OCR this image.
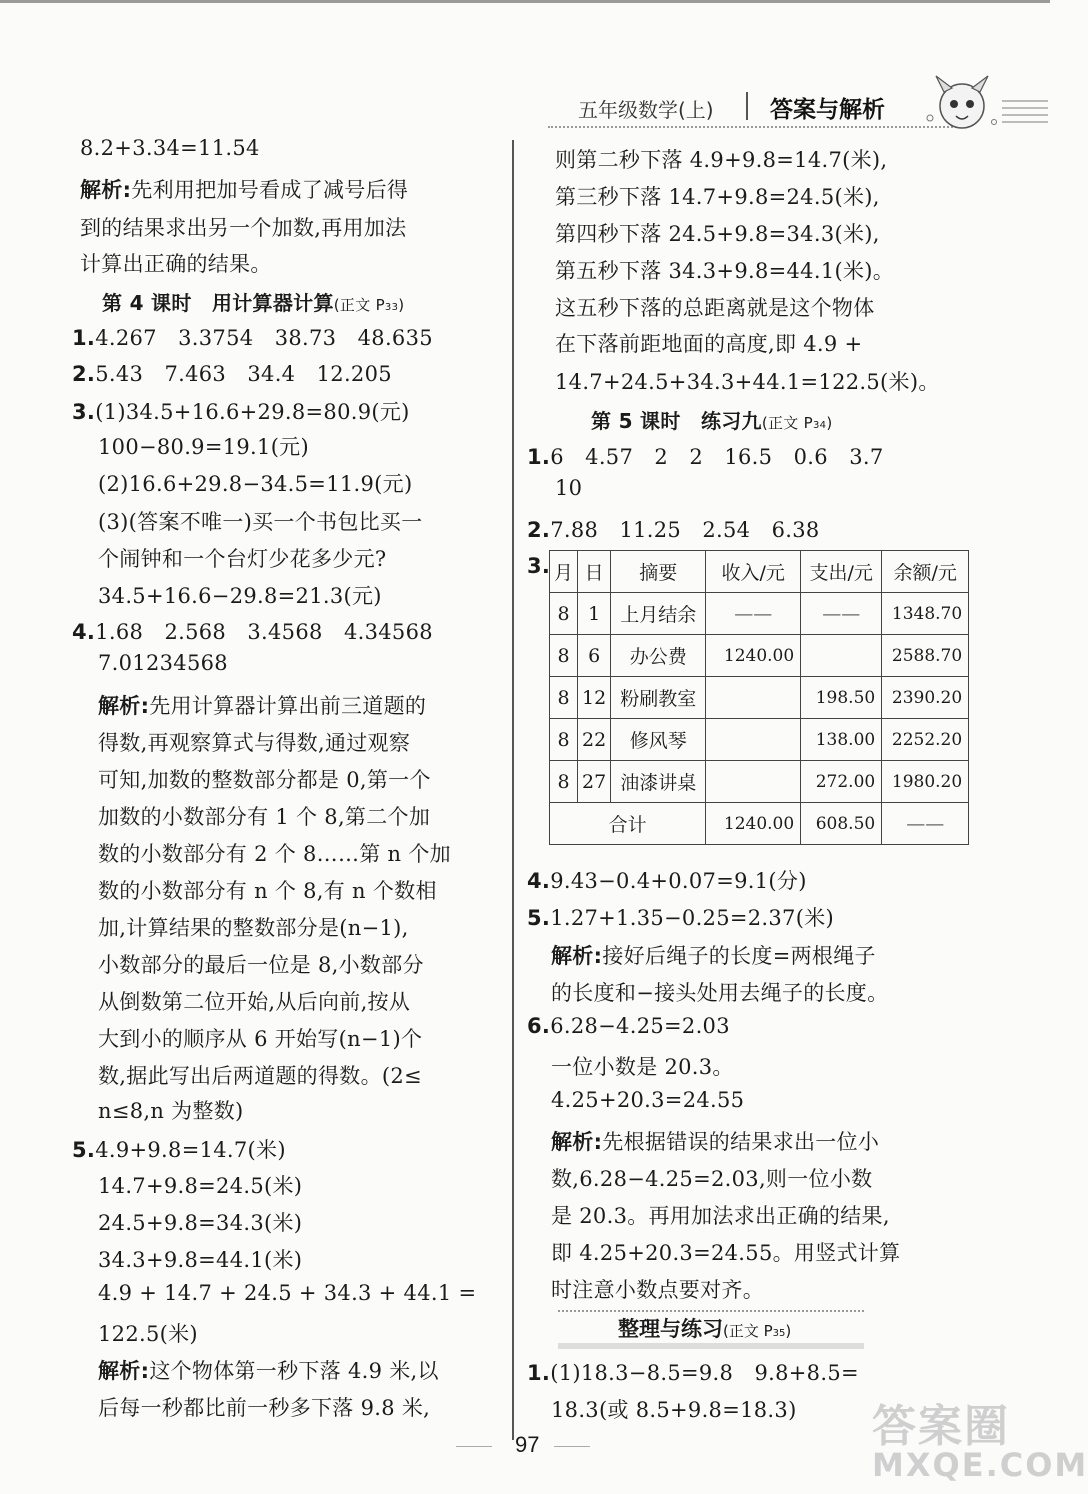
五年级数学(上) 答案与解析
8.2+3.34=11.54
解析:先利用把加号看成了减号后得
到的结果求出另一个加数,再用加法
计算出正确的结果。
第 4 课时　用计算器计算(正文 P33)
1.4.267　3.3754　38.73　48.635
2.5.43　7.463　34.4　12.205
3.(1)34.5+16.6+29.8=80.9(元)
100−80.9=19.1(元)
(2)16.6+29.8−34.5=11.9(元)
(3)(答案不唯一)买一个书包比买一
个闹钟和一个台灯少花多少元?
34.5+16.6−29.8=21.3(元)
4.1.68　2.568　3.4568　4.34568
7.01234568
解析:先用计算器计算出前三道题的
得数,再观察算式与得数,通过观察
可知,加数的整数部分都是 0,第一个
加数的小数部分有 1 个 8,第二个加
数的小数部分有 2 个 8……第 n 个加
数的小数部分有 n 个 8,有 n 个数相
加,计算结果的整数部分是(n−1),
小数部分的最后一位是 8,小数部分
从倒数第二位开始,从后向前,按从
大到小的顺序从 6 开始写(n−1)个
数,据此写出后两道题的得数。(2≤
n≤8,n 为整数)
5.4.9+9.8=14.7(米)
14.7+9.8=24.5(米)
24.5+9.8=34.3(米)
34.3+9.8=44.1(米)
4.9 + 14.7 + 24.5 + 34.3 + 44.1 =
122.5(米)
解析:这个物体第一秒下落 4.9 米,以
后每一秒都比前一秒多下落 9.8 米,
则第二秒下落 4.9+9.8=14.7(米),
第三秒下落 14.7+9.8=24.5(米),
第四秒下落 24.5+9.8=34.3(米),
第五秒下落 34.3+9.8=44.1(米)。
这五秒下落的总距离就是这个物体
在下落前距地面的高度,即 4.9 +
14.7+24.5+34.3+44.1=122.5(米)。
第 5 课时　练习九(正文 P34)
1.6　4.57　2　2　16.5　0.6　3.7
10
2.7.88　11.25　2.54　6.38
3. 月	日	摘要	收入/元	支出/元	余额/元
8	1	上月结余	——	——	1348.70
8	6	办公费	1240.00		2588.70
8	12	粉刷教室		198.50	2390.20
8	22	修风琴		138.00	2252.20
8	27	油漆讲桌		272.00	1980.20
合计			1240.00	608.50	——
4.9.43−0.4+0.07=9.1(分)
5.1.27+1.35−0.25=2.37(米)
解析:接好后绳子的长度=两根绳子
的长度和−接头处用去绳子的长度。
6.6.28−4.25=2.03
一位小数是 20.3。
4.25+20.3=24.55
解析:先根据错误的结果求出一位小
数,6.28−4.25=2.03,则一位小数
是 20.3。再用加法求出正确的结果,
即 4.25+20.3=24.55。用竖式计算
时注意小数点要对齐。
整理与练习(正文 P35)
1.(1)18.3−8.5=9.8　9.8+8.5=
18.3(或 8.5+9.8=18.3)
97	答案圈
MXQE.COM
